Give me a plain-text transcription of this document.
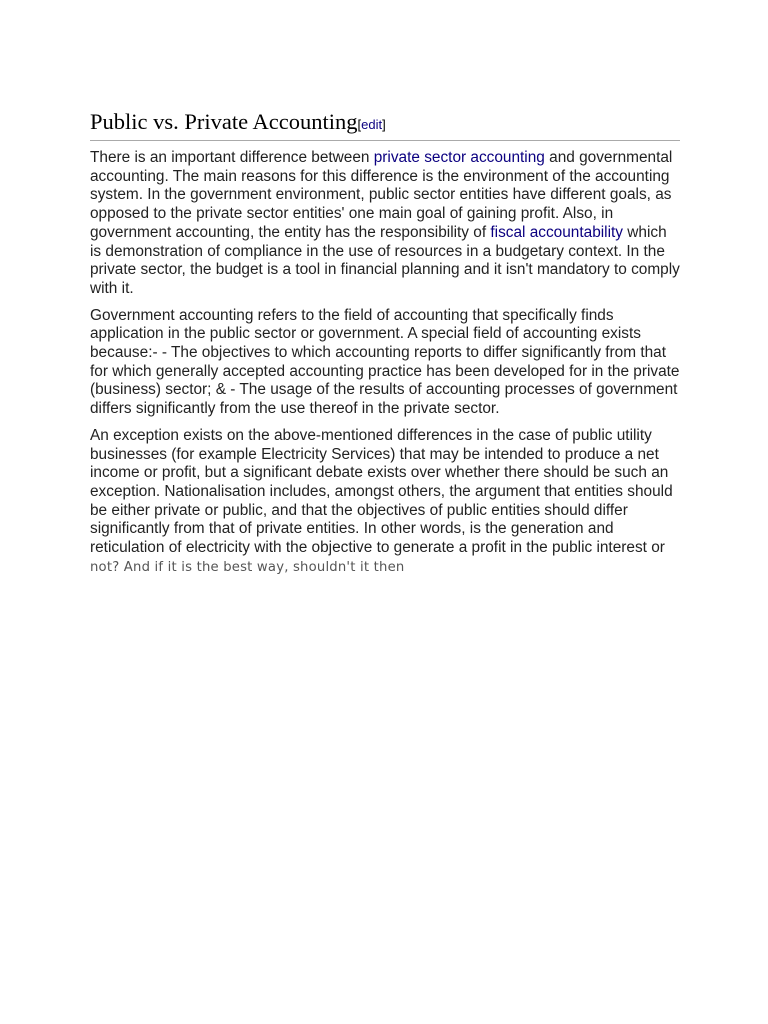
Public vs. Private Accounting[edit]

There is an important difference between private sector accounting and governmental accounting. The main reasons for this difference is the environment of the accounting system. In the government environment, public sector entities have different goals, as opposed to the private sector entities' one main goal of gaining profit. Also, in government accounting, the entity has the responsibility of fiscal accountability which is demonstration of compliance in the use of resources in a budgetary context. In the private sector, the budget is a tool in financial planning and it isn't mandatory to comply with it.

Government accounting refers to the field of accounting that specifically finds application in the public sector or government. A special field of accounting exists because:- - The objectives to which accounting reports to differ significantly from that for which generally accepted accounting practice has been developed for in the private (business) sector; & - The usage of the results of accounting processes of government differs significantly from the use thereof in the private sector.

An exception exists on the above-mentioned differences in the case of public utility businesses (for example Electricity Services) that may be intended to produce a net income or profit, but a significant debate exists over whether there should be such an exception. Nationalisation includes, amongst others, the argument that entities should be either private or public, and that the objectives of public entities should differ significantly from that of private entities. In other words, is the generation and reticulation of electricity with the objective to generate a profit in the public interest or not? And if it is the best way, shouldn't it then
